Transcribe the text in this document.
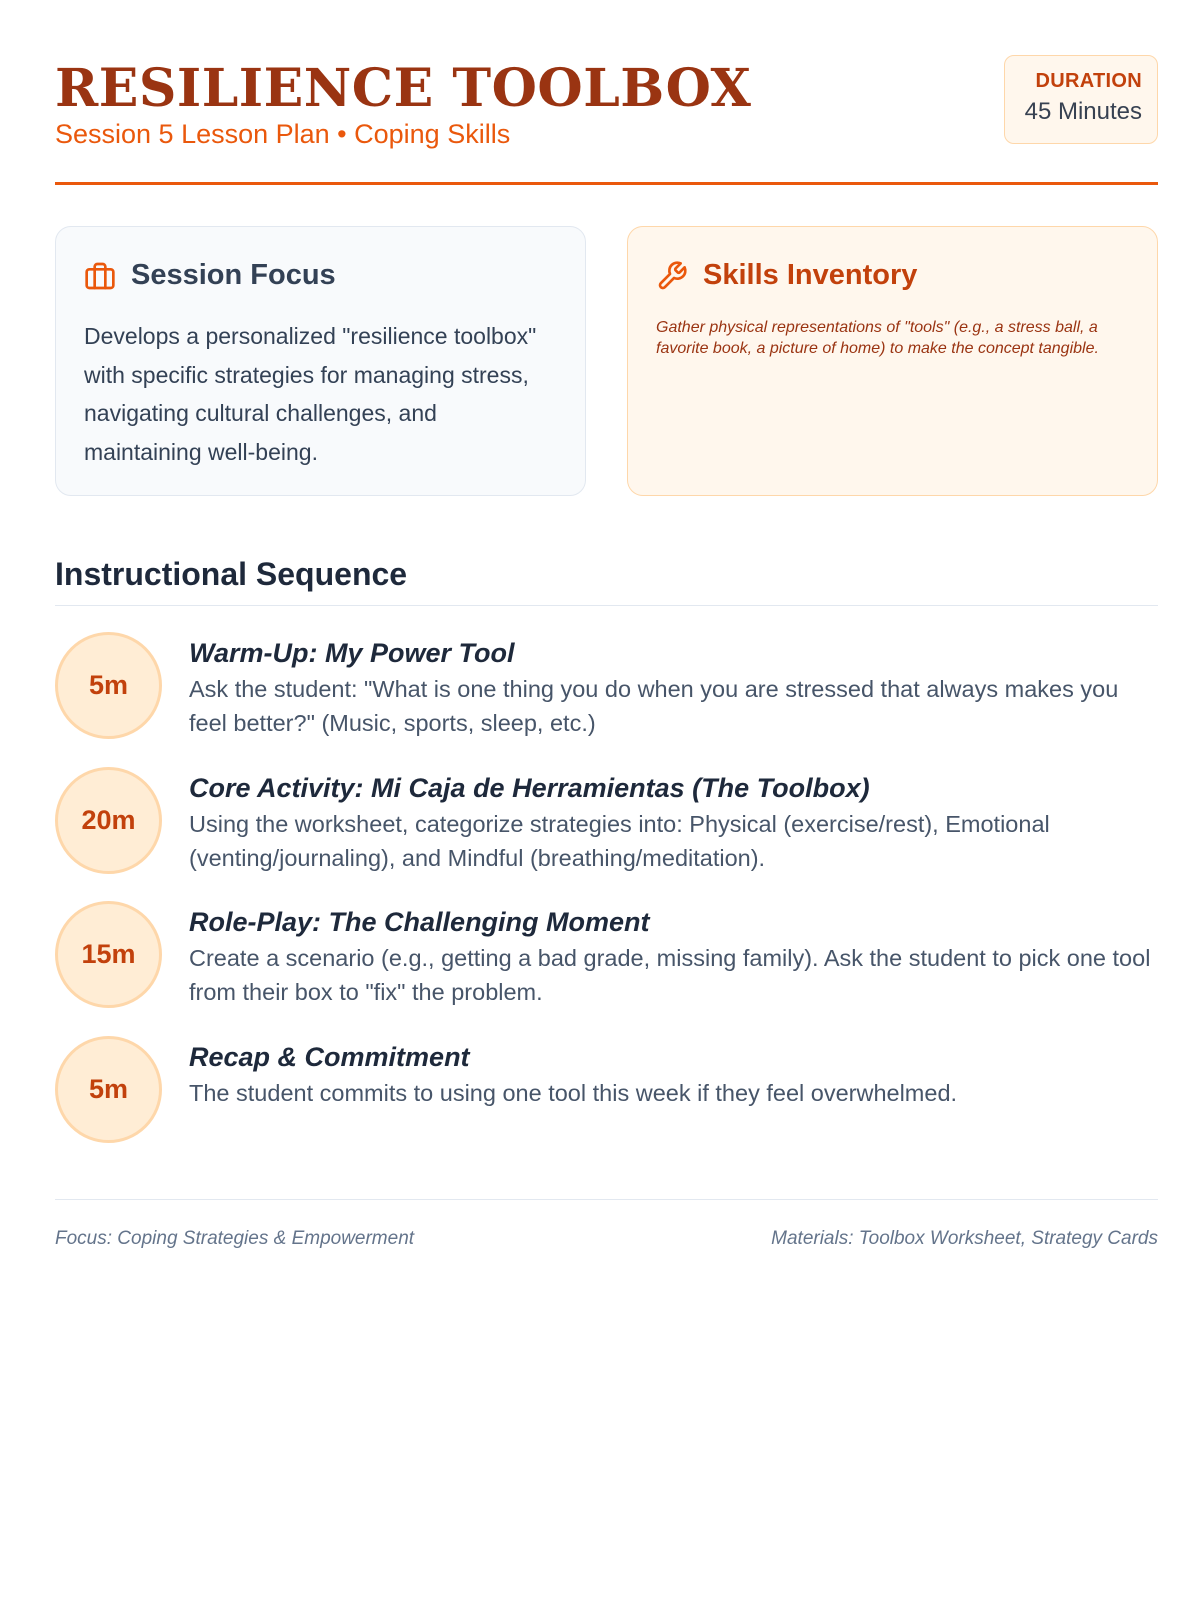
RESILIENCE TOOLBOX
Session 5 Lesson Plan • Coping Skills
DURATION
45 Minutes
Session Focus
Develops a personalized "resilience toolbox" with specific strategies for managing stress, navigating cultural challenges, and maintaining well-being.
Skills Inventory
Gather physical representations of "tools" (e.g., a stress ball, a favorite book, a picture of home) to make the concept tangible.
Instructional Sequence
5m
Warm-Up: My Power Tool
Ask the student: "What is one thing you do when you are stressed that always makes you feel better?" (Music, sports, sleep, etc.)
20m
Core Activity: Mi Caja de Herramientas (The Toolbox)
Using the worksheet, categorize strategies into: Physical (exercise/rest), Emotional (venting/journaling), and Mindful (breathing/meditation).
15m
Role-Play: The Challenging Moment
Create a scenario (e.g., getting a bad grade, missing family). Ask the student to pick one tool from their box to "fix" the problem.
5m
Recap & Commitment
The student commits to using one tool this week if they feel overwhelmed.
Focus: Coping Strategies & Empowerment	Materials: Toolbox Worksheet, Strategy Cards
